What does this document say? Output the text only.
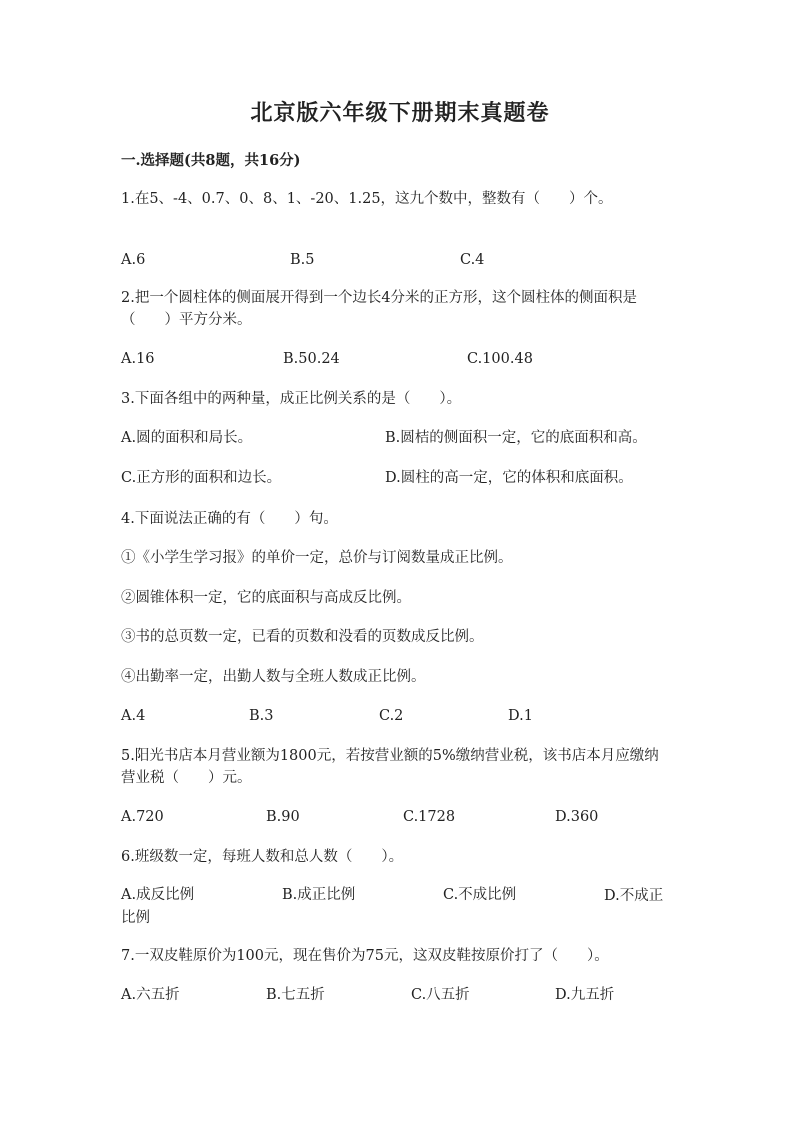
北京版六年级下册期末真题卷
一.选择题(共8题，共16分)
1.在5、-4、0.7、0、8、1、-20、1.25，这九个数中，整数有（　　）个。
A.6	B.5	C.4
2.把一个圆柱体的侧面展开得到一个边长4分米的正方形，这个圆柱体的侧面积是（　　）平方分米。
A.16	B.50.24	C.100.48
3.下面各组中的两种量，成正比例关系的是（　　）。
A.圆的面积和局长。	B.圆桔的侧面积一定，它的底面积和高。
C.正方形的面积和边长。	D.圆柱的高一定，它的体积和底面积。
4.下面说法正确的有（　　）句。
①《小学生学习报》的单价一定，总价与订阅数量成正比例。
②圆锥体积一定，它的底面积与高成反比例。
③书的总页数一定，已看的页数和没看的页数成反比例。
④出勤率一定，出勤人数与全班人数成正比例。
A.4	B.3	C.2	D.1
5.阳光书店本月营业额为1800元，若按营业额的5%缴纳营业税，该书店本月应缴纳营业税（　　）元。
A.720	B.90	C.1728	D.360
6.班级数一定，每班人数和总人数（　　）。
A.成反比例	B.成正比例	C.不成比例	D.不成正比例
7.一双皮鞋原价为100元，现在售价为75元，这双皮鞋按原价打了（　　）。
A.六五折	B.七五折	C.八五折	D.九五折
